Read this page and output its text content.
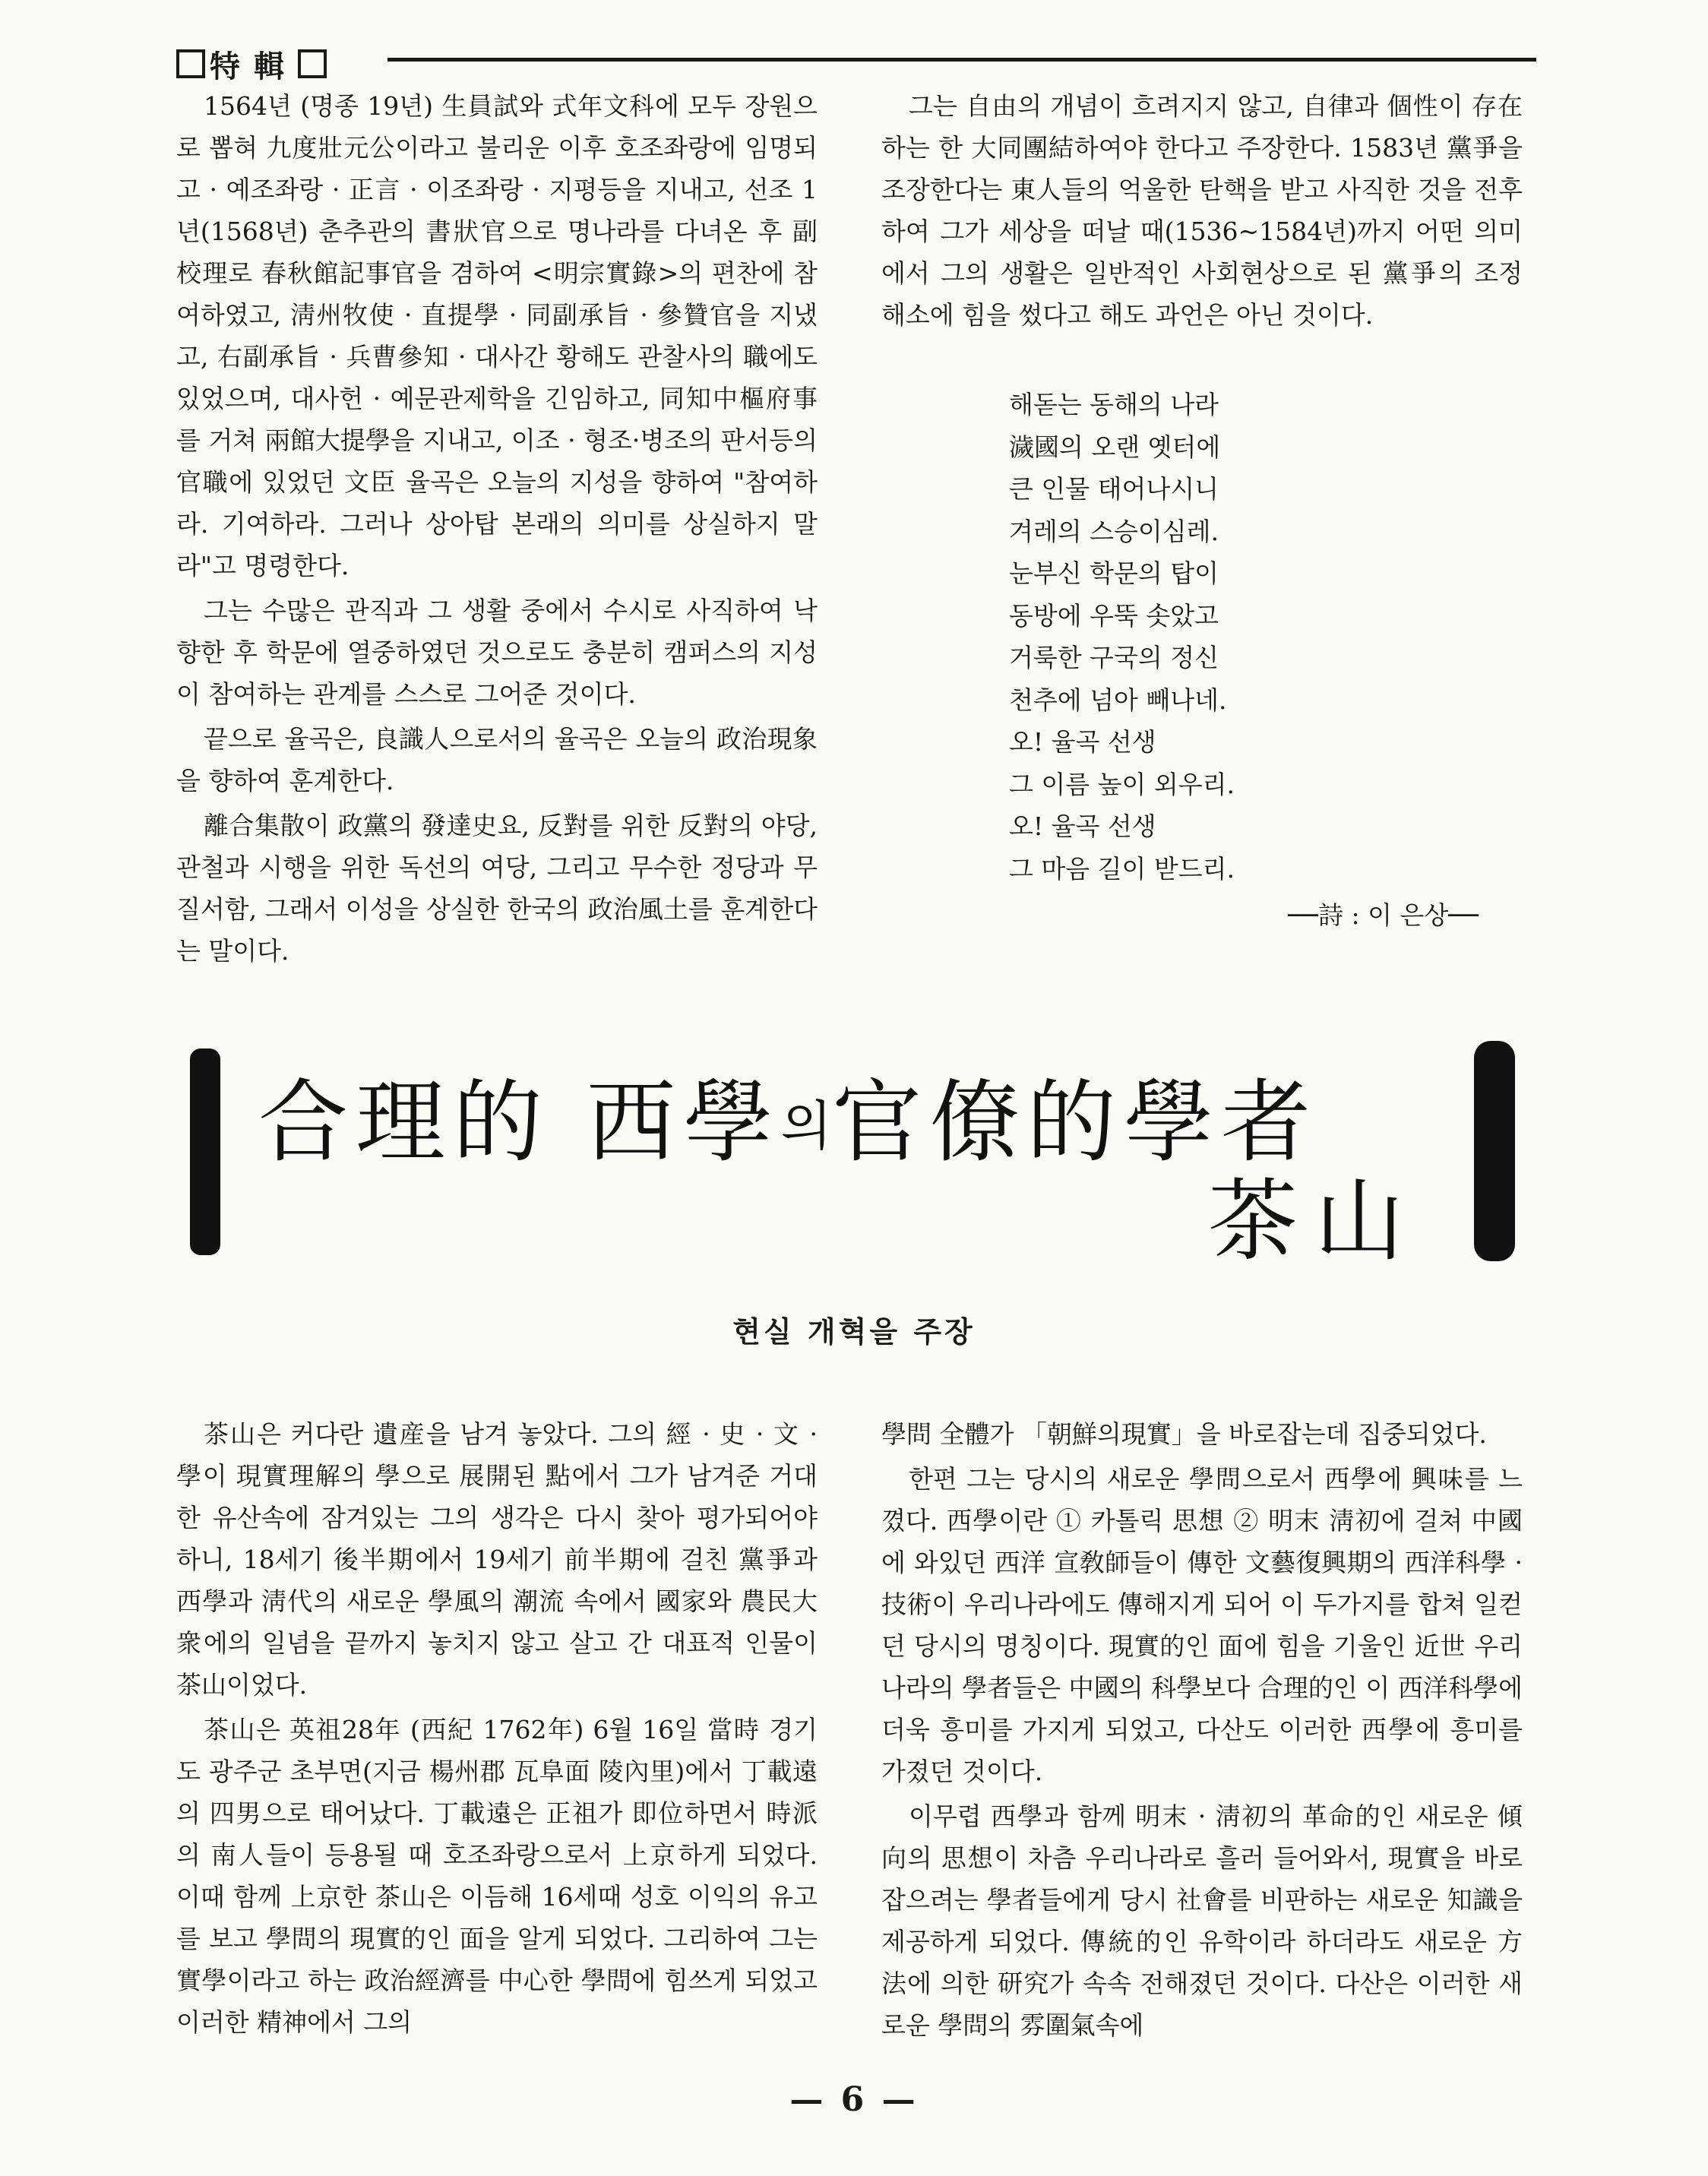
特輯

1564년 (명종 19년) 生員試와 式年文科에 모두 장원으로 뽑혀 九度壯元公이라고 불리운 이후 호조좌랑에 임명되고 · 예조좌랑 · 正言 · 이조좌랑 · 지평등을 지내고, 선조 1년(1568년) 춘추관의 書狀官으로 명나라를 다녀온 후 副校理로 春秋館記事官을 겸하여 <明宗實錄>의 편찬에 참여하였고, 淸州牧使 · 直提學 · 同副承旨 · 參贊官을 지냈고, 右副承旨 · 兵曹參知 · 대사간 황해도 관찰사의 職에도 있었으며, 대사헌 · 예문관제학을 긴임하고, 同知中樞府事를 거쳐 兩館大提學을 지내고, 이조 · 형조·병조의 판서등의 官職에 있었던 文臣 율곡은 오늘의 지성을 향하여 "참여하라. 기여하라. 그러나 상아탑 본래의 의미를 상실하지 말라"고 명령한다.

그는 수많은 관직과 그 생활 중에서 수시로 사직하여 낙향한 후 학문에 열중하였던 것으로도 충분히 캠퍼스의 지성이 참여하는 관계를 스스로 그어준 것이다.

끝으로 율곡은, 良識人으로서의 율곡은 오늘의 政治現象을 향하여 훈계한다.

離合集散이 政黨의 發達史요, 反對를 위한 反對의 야당, 관철과 시행을 위한 독선의 여당, 그리고 무수한 정당과 무질서함, 그래서 이성을 상실한 한국의 政治風土를 훈계한다는 말이다.

그는 自由의 개념이 흐려지지 않고, 自律과 個性이 存在하는 한 大同團結하여야 한다고 주장한다. 1583년 黨爭을 조장한다는 東人들의 억울한 탄핵을 받고 사직한 것을 전후하여 그가 세상을 떠날 때(1536~1584년)까지 어떤 의미에서 그의 생활은 일반적인 사회현상으로 된 黨爭의 조정 해소에 힘을 썼다고 해도 과언은 아닌 것이다.

해돋는 동해의 나라
濊國의 오랜 옛터에
큰 인물 태어나시니
겨레의 스승이심레.
눈부신 학문의 탑이
동방에 우뚝 솟았고
거룩한 구국의 정신
천추에 넘아 빼나네.
오! 율곡 선생
그 이름 높이 외우리.
오! 율곡 선생
그 마음 길이 받드리.
──詩 : 이 은상──
合理的 西學의官僚的學者
茶山
현실 개혁을 주장

茶山은 커다란 遺産을 남겨 놓았다. 그의 經 · 史 · 文 · 學이 現實理解의 學으로 展開된 點에서 그가 남겨준 거대한 유산속에 잠겨있는 그의 생각은 다시 찾아 평가되어야 하니, 18세기 後半期에서 19세기 前半期에 걸친 黨爭과 西學과 淸代의 새로운 學風의 潮流 속에서 國家와 農民大衆에의 일념을 끝까지 놓치지 않고 살고 간 대표적 인물이 茶山이었다.

茶山은 英祖28年 (西紀 1762年) 6월 16일 當時 경기도 광주군 초부면(지금 楊州郡 瓦阜面 陵內里)에서 丁載遠의 四男으로 태어났다. 丁載遠은 正祖가 即位하면서 時派의 南人들이 등용될 때 호조좌랑으로서 上京하게 되었다. 이때 함께 上京한 茶山은 이듬해 16세때 성호 이익의 유고를 보고 學問의 現實的인 面을 알게 되었다. 그리하여 그는 實學이라고 하는 政治經濟를 中心한 學問에 힘쓰게 되었고 이러한 精神에서 그의

學問 全體가 「朝鮮의現實」을 바로잡는데 집중되었다.

한편 그는 당시의 새로운 學問으로서 西學에 興味를 느꼈다. 西學이란 ① 카톨릭 思想 ② 明末 淸初에 걸쳐 中國에 와있던 西洋 宣敎師들이 傳한 文藝復興期의 西洋科學 · 技術이 우리나라에도 傳해지게 되어 이 두가지를 합쳐 일컫던 당시의 명칭이다. 現實的인 面에 힘을 기울인 近世 우리나라의 學者들은 中國의 科學보다 合理的인 이 西洋科學에 더욱 흥미를 가지게 되었고, 다산도 이러한 西學에 흥미를 가졌던 것이다.

이무렵 西學과 함께 明末 · 淸初의 革命的인 새로운 傾向의 思想이 차츰 우리나라로 흘러 들어와서, 現實을 바로 잡으려는 學者들에게 당시 社會를 비판하는 새로운 知識을 제공하게 되었다. 傳統的인 유학이라 하더라도 새로운 方法에 의한 研究가 속속 전해졌던 것이다. 다산은 이러한 새로운 學問의 雰圍氣속에

— 6 —
